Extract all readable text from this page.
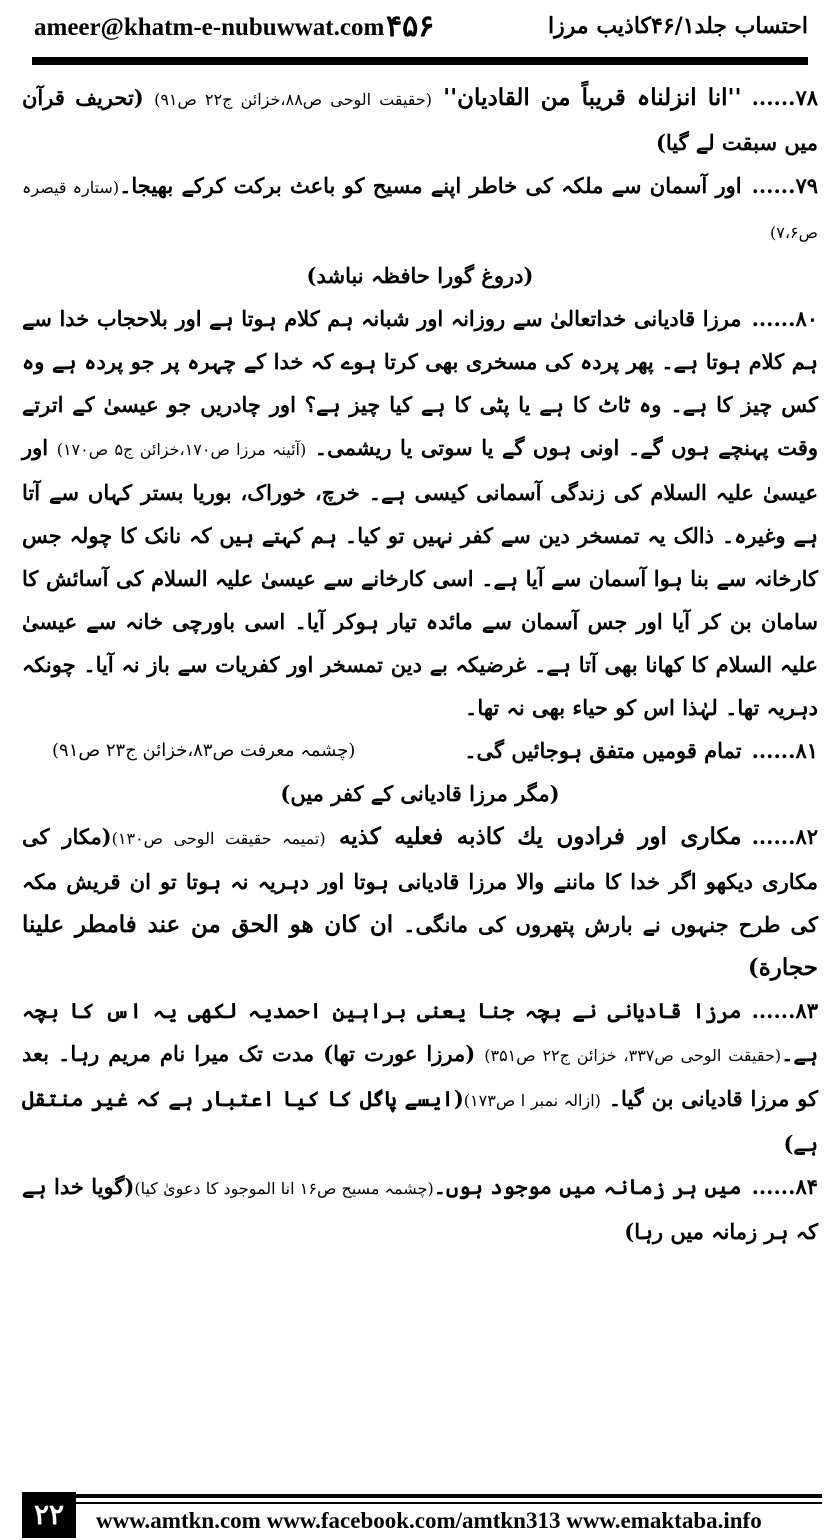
ameer@khatm-e-nubuwwat.com ۴۵۶	احتساب جلد۴۶/۱کاذیب مرزا

۷۸......''انا انزلناہ قریباً من القادیان'' (حقیقت الوحی ص۸۸،خزائن ج۲۲ ص۹۱) (تحریف قرآن میں سبقت لے گیا)

۷۹......اور آسمان سے ملکہ کی خاطر اپنے مسیح کو باعث برکت کرکے بھیجا۔(ستارہ قیصرہ ص۷،۶)

(دروغ گورا حافظہ نباشد)

۸۰......مرزا قادیانی خداتعالیٰ سے روزانہ اور شبانہ ہم کلام ہوتا ہے اور بلاحجاب خدا سے ہم کلام ہوتا ہے۔ پھر پردہ کی مسخری بھی کرتا ہوے کہ خدا کے چہرہ پر جو پردہ ہے وہ کس چیز کا ہے۔ وہ ٹاٹ کا ہے یا پٹی کا ہے کیا چیز ہے؟ اور چادریں جو عیسیٰ کے اترتے وقت پہنچے ہوں گے۔ اونی ہوں گے یا سوتی یا ریشمی۔ (آئینہ مرزا ص۱۷۰،خزائن ج۵ ص۱۷۰) اور عیسیٰ علیہ السلام کی زندگی آسمانی کیسی ہے۔ خرچ، خوراک، بوریا بستر کہاں سے آتا ہے وغیرہ۔ ذالک یہ تمسخر دین سے کفر نہیں تو کیا۔ ہم کہتے ہیں کہ نانک کا چولہ جس کارخانہ سے بنا ہوا آسمان سے آیا ہے۔ اسی کارخانے سے عیسیٰ علیہ السلام کی آسائش کا سامان بن کر آیا اور جس آسمان سے مائدہ تیار ہوکر آیا۔ اسی باورچی خانہ سے عیسیٰ علیہ السلام کا کھانا بھی آتا ہے۔ غرضیکہ بے دین تمسخر اور کفریات سے باز نہ آیا۔ چونکہ دہریہ تھا۔ لہٰذا اس کو حیاء بھی نہ تھا۔

۸۱......تمام قومیں متفق ہوجائیں گی۔
(چشمہ معرفت ص۸۳،خزائن ج۲۳ ص۹۱)

(مگر مرزا قادیانی کے کفر میں)

۸۲......مکاری اور فرادوں یك كاذبه فعليه كذيه (تمیمہ حقیقت الوحی ص۱۳۰)(مکار کی مکاری دیکھو اگر خدا کا ماننے والا مرزا قادیانی ہوتا اور دہریہ نہ ہوتا تو ان قریش مکہ کی طرح جنہوں نے بارش پتھروں کی مانگی۔ ان کان هو الحق من عند فامطر علینا حجارة)

۸۳......مرزا قادیانی نے بچہ جنا یعنی براہین احمدیہ لکھی یہ اس کا بچہ ہے۔(حقیقت الوحی ص۳۳۷، خزائن ج۲۲ ص۳۵۱) (مرزا عورت تھا) مدت تک میرا نام مریم رہا۔ بعد کو مرزا قادیانی بن گیا۔ (ازالہ نمبر ا ص۱۷۳)(ایسے پاگل کا کیا اعتبار ہے کہ غیر منتقل ہے)

۸۴......میں ہر زمانہ میں موجود ہوں۔(چشمہ مسیح ص۱۶ انا الموجود کا دعویٰ کیا)(گویا خدا ہے کہ ہر زمانہ میں رہا)

۲۲	www.amtkn.com www.facebook.com/amtkn313 www.emaktaba.info
